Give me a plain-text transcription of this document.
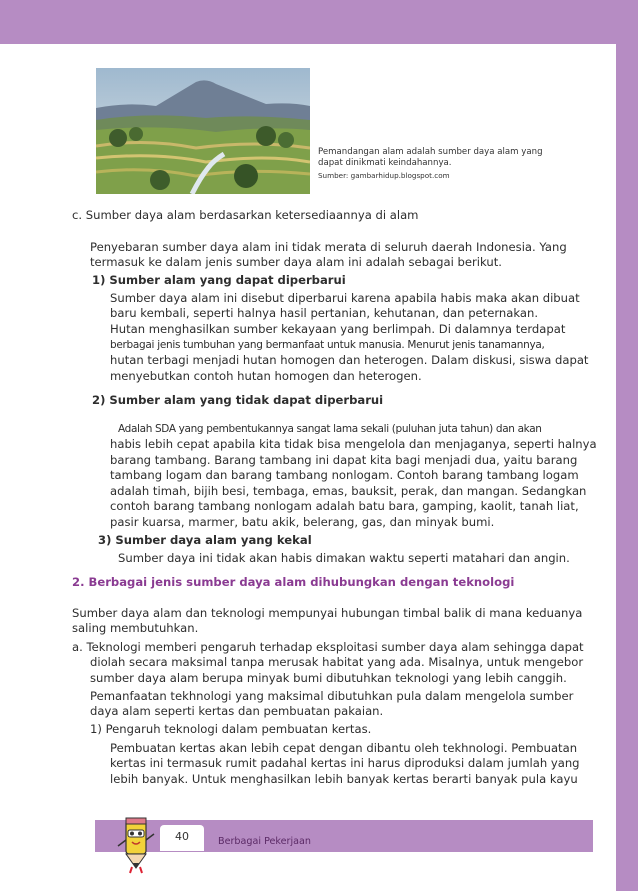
Pemandangan alam adalah sumber daya alam yang dapat dinikmati keindahannya.
Sumber: gambarhidup.blogspot.com
c. Sumber daya alam berdasarkan ketersediaannya di alam
Penyebaran sumber daya alam ini tidak merata di seluruh daerah Indonesia. Yang
termasuk ke dalam jenis sumber daya alam ini adalah sebagai berikut.
1) Sumber alam yang dapat diperbarui
Sumber daya alam ini disebut diperbarui karena apabila habis maka akan dibuat
baru kembali, seperti halnya hasil pertanian, kehutanan, dan peternakan.
Hutan menghasilkan sumber kekayaan yang berlimpah. Di dalamnya terdapat
berbagai jenis tumbuhan yang bermanfaat untuk manusia. Menurut jenis tanamannya,
hutan terbagi menjadi hutan homogen dan heterogen. Dalam diskusi, siswa dapat
menyebutkan contoh hutan homogen dan heterogen.
2) Sumber alam yang tidak dapat diperbarui
Adalah SDA yang pembentukannya sangat lama sekali (puluhan juta tahun) dan akan
habis lebih cepat apabila kita tidak bisa mengelola dan menjaganya, seperti halnya
barang tambang. Barang tambang ini dapat kita bagi menjadi dua, yaitu barang
tambang logam dan barang tambang nonlogam. Contoh barang tambang logam
adalah timah, bijih besi, tembaga, emas, bauksit, perak, dan mangan. Sedangkan
contoh barang tambang nonlogam adalah batu bara, gamping, kaolit, tanah liat,
pasir kuarsa, marmer, batu akik, belerang, gas, dan minyak bumi.
3) Sumber daya alam yang kekal
Sumber daya ini tidak akan habis dimakan waktu seperti matahari dan angin.
2. Berbagai jenis sumber daya alam dihubungkan dengan teknologi
Sumber daya alam dan teknologi mempunyai hubungan timbal balik di mana keduanya
saling membutuhkan.
a. Teknologi memberi pengaruh terhadap eksploitasi sumber daya alam sehingga dapat
diolah secara maksimal tanpa merusak habitat yang ada. Misalnya, untuk mengebor
sumber daya alam berupa minyak bumi dibutuhkan teknologi yang lebih canggih.
Pemanfaatan tekhnologi yang maksimal dibutuhkan pula dalam mengelola sumber
daya alam seperti kertas dan pembuatan pakaian.
1) Pengaruh teknologi dalam pembuatan kertas.
Pembuatan kertas akan lebih cepat dengan dibantu oleh tekhnologi. Pembuatan
kertas ini termasuk rumit padahal kertas ini harus diproduksi dalam jumlah yang
lebih banyak. Untuk menghasilkan lebih banyak kertas berarti banyak pula kayu
40	Berbagai Pekerjaan
